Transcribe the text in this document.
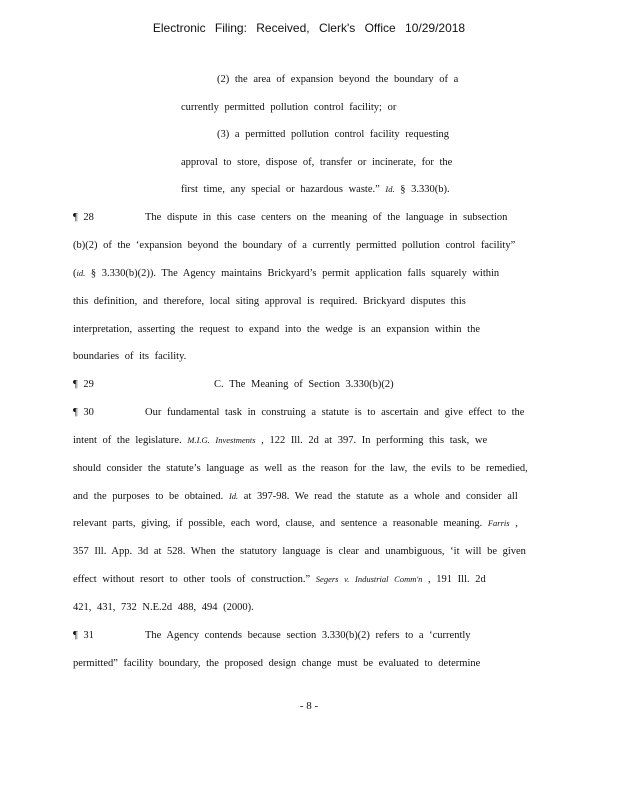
Electronic Filing: Received, Clerk's Office 10/29/2018
(2) the area of expansion beyond the boundary of a
currently permitted pollution control facility; or
(3) a permitted pollution control facility requesting
approval to store, dispose of, transfer or incinerate, for the
first time, any special or hazardous waste.” Id. § 3.330(b).
¶ 28	The dispute in this case centers on the meaning of the language in subsection
(b)(2) of the ‘expansion beyond the boundary of a currently permitted pollution control facility”
(id. § 3.330(b)(2)). The Agency maintains Brickyard’s permit application falls squarely within
this definition, and therefore, local siting approval is required. Brickyard disputes this
interpretation, asserting the request to expand into the wedge is an expansion within the
boundaries of its facility.
¶ 29	C. The Meaning of Section 3.330(b)(2)
¶ 30	Our fundamental task in construing a statute is to ascertain and give effect to the
intent of the legislature. M.I.G. Investments , 122 Ill. 2d at 397. In performing this task, we
should consider the statute’s language as well as the reason for the law, the evils to be remedied,
and the purposes to be obtained. Id. at 397-98. We read the statute as a whole and consider all
relevant parts, giving, if possible, each word, clause, and sentence a reasonable meaning. Farris ,
357 Ill. App. 3d at 528. When the statutory language is clear and unambiguous, ‘it will be given
effect without resort to other tools of construction.” Segers v. Industrial Comm'n , 191 Ill. 2d
421, 431, 732 N.E.2d 488, 494 (2000).
¶ 31	The Agency contends because section 3.330(b)(2) refers to a ‘currently
permitted” facility boundary, the proposed design change must be evaluated to determine
- 8 -
